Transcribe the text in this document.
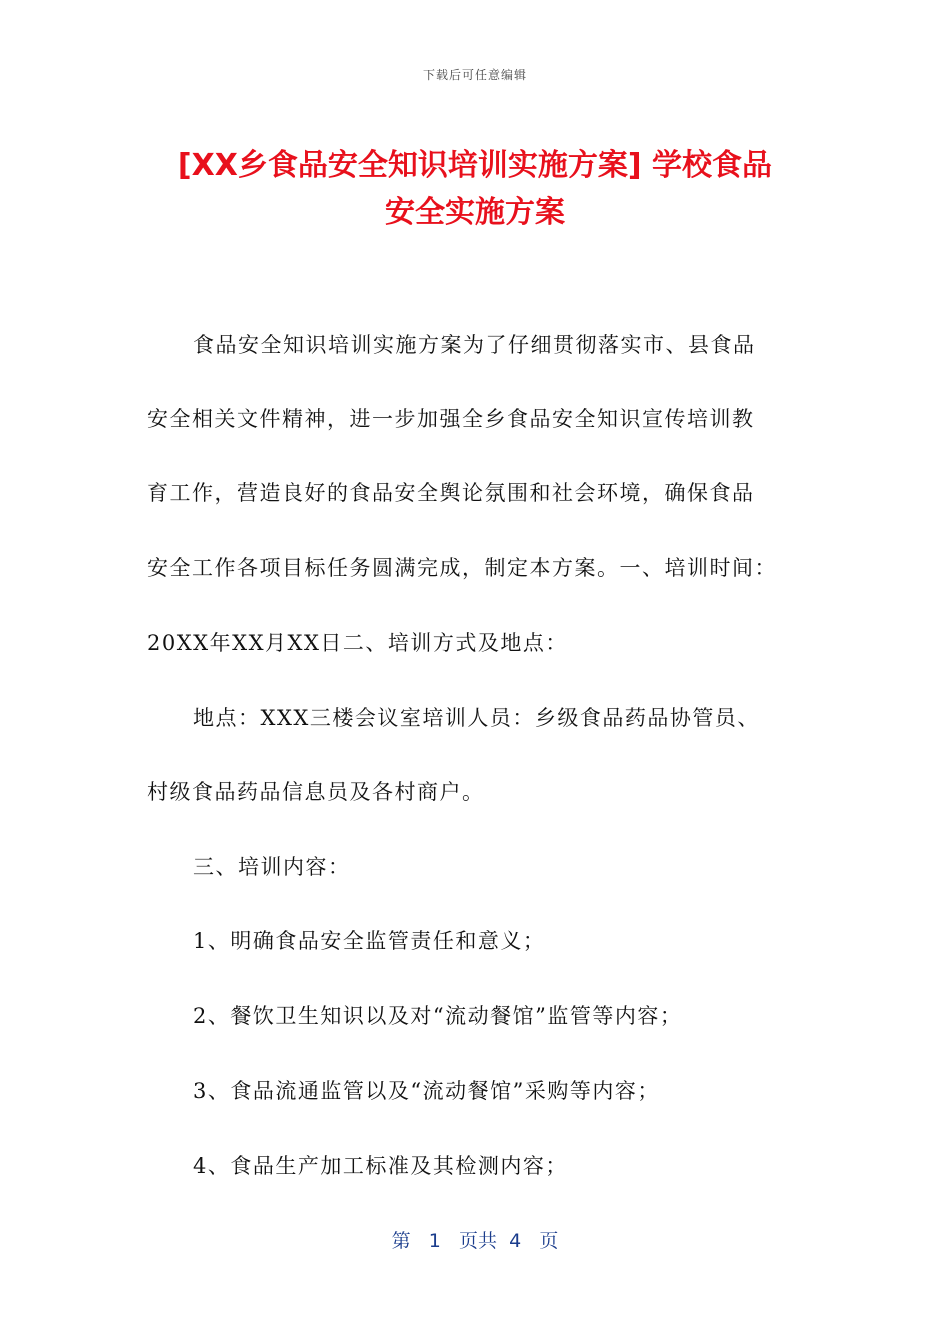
下载后可任意编辑
[XX乡食品安全知识培训实施方案] 学校食品
安全实施方案
食品安全知识培训实施方案为了仔细贯彻落实市、县食品
安全相关文件精神，进一步加强全乡食品安全知识宣传培训教
育工作，营造良好的食品安全舆论氛围和社会环境，确保食品
安全工作各项目标任务圆满完成，制定本方案。一、培训时间：
20XX年XX月XX日二、培训方式及地点：
地点：XXX三楼会议室培训人员：乡级食品药品协管员、
村级食品药品信息员及各村商户。
三、培训内容：
1、明确食品安全监管责任和意义；
2、餐饮卫生知识以及对“流动餐馆”监管等内容；
3、食品流通监管以及“流动餐馆”采购等内容；
4、食品生产加工标准及其检测内容；
第 1 页共 4 页
